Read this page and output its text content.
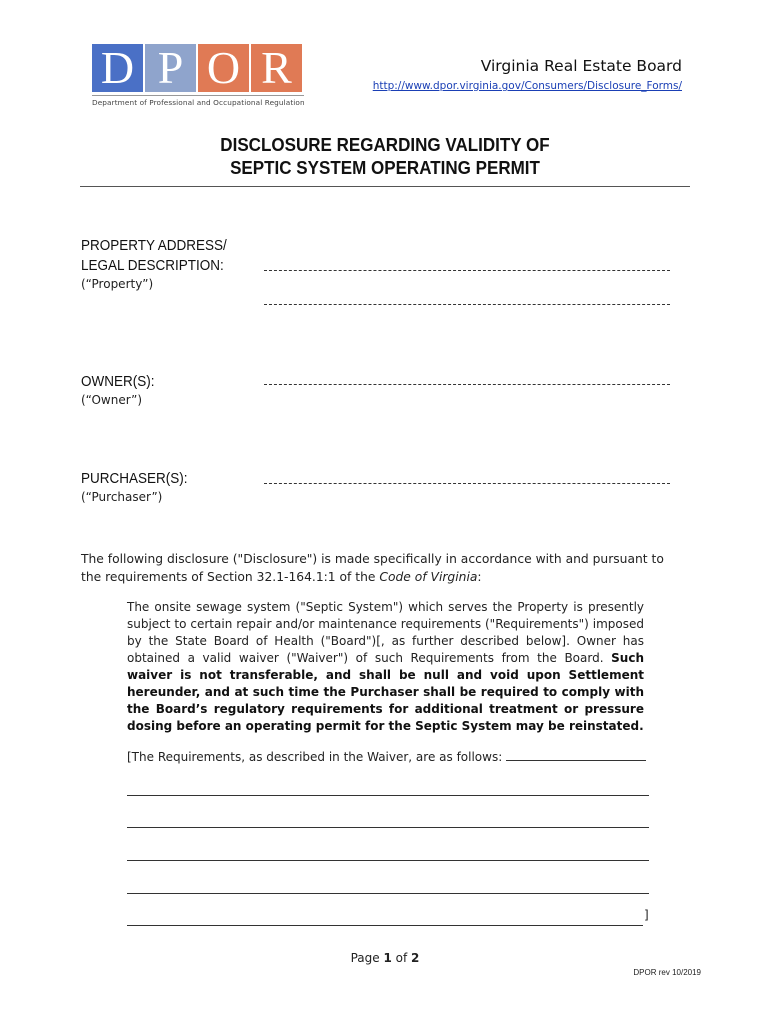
D P O R
Department of Professional and Occupational Regulation
Virginia Real Estate Board
http://www.dpor.virginia.gov/Consumers/Disclosure_Forms/
DISCLOSURE REGARDING VALIDITY OF
SEPTIC SYSTEM OPERATING PERMIT
PROPERTY ADDRESS/
LEGAL DESCRIPTION:
(“Property”)
OWNER(S):
(“Owner”)
PURCHASER(S):
(“Purchaser”)
The following disclosure ("Disclosure") is made specifically in accordance with and pursuant to the requirements of Section 32.1-164.1:1 of the Code of Virginia:
The onsite sewage system ("Septic System") which serves the Property is presently subject to certain repair and/or maintenance requirements ("Requirements") imposed by the State Board of Health ("Board")[, as further described below]. Owner has obtained a valid waiver ("Waiver") of such Requirements from the Board. Such waiver is not transferable, and shall be null and void upon Settlement hereunder, and at such time the Purchaser shall be required to comply with the Board’s regulatory requirements for additional treatment or pressure dosing before an operating permit for the Septic System may be reinstated.
[The Requirements, as described in the Waiver, are as follows:
]
Page 1 of 2
DPOR rev 10/2019
